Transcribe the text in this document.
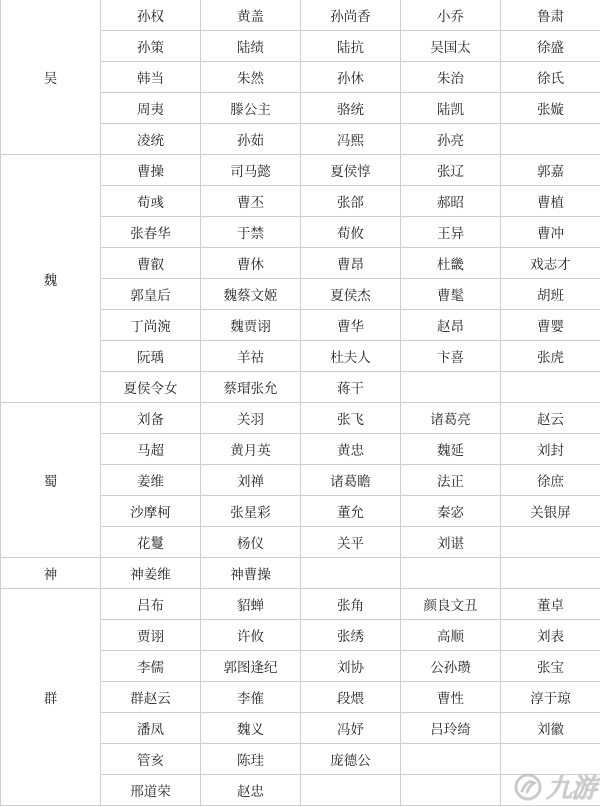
吴	孙权	黄盖	孙尚香	小乔	鲁肃
	孙策	陆绩	陆抗	吴国太	徐盛
	韩当	朱然	孙休	朱治	徐氏
	周夷	滕公主	骆统	陆凯	张嫙
	凌统	孙茹	冯熙	孙亮	
魏	曹操	司马懿	夏侯惇	张辽	郭嘉
	荀彧	曹丕	张郃	郝昭	曹植
	张春华	于禁	荀攸	王异	曹冲
	曹叡	曹休	曹昂	杜畿	戏志才
	郭皇后	魏蔡文姬	夏侯杰	曹髦	胡班
	丁尚涴	魏贾诩	曹华	赵昂	曹婴
	阮瑀	羊祜	杜夫人	卞喜	张虎
	夏侯令女	蔡瑁张允	蒋干		
蜀	刘备	关羽	张飞	诸葛亮	赵云
	马超	黄月英	黄忠	魏延	刘封
	姜维	刘禅	诸葛瞻	法正	徐庶
	沙摩柯	张星彩	董允	秦宓	关银屏
	花鬘	杨仪	关平	刘谌	
神	神姜维	神曹操			
群	吕布	貂蝉	张角	颜良文丑	董卓
	贾诩	许攸	张绣	高顺	刘表
	李儒	郭图逢纪	刘协	公孙瓒	张宝
	群赵云	李傕	段煨	曹性	淳于琼
	潘凤	魏义	冯妤	吕玲绮	刘徽
	管亥	陈珪	庞德公		
	邢道荣	赵忠				九游
